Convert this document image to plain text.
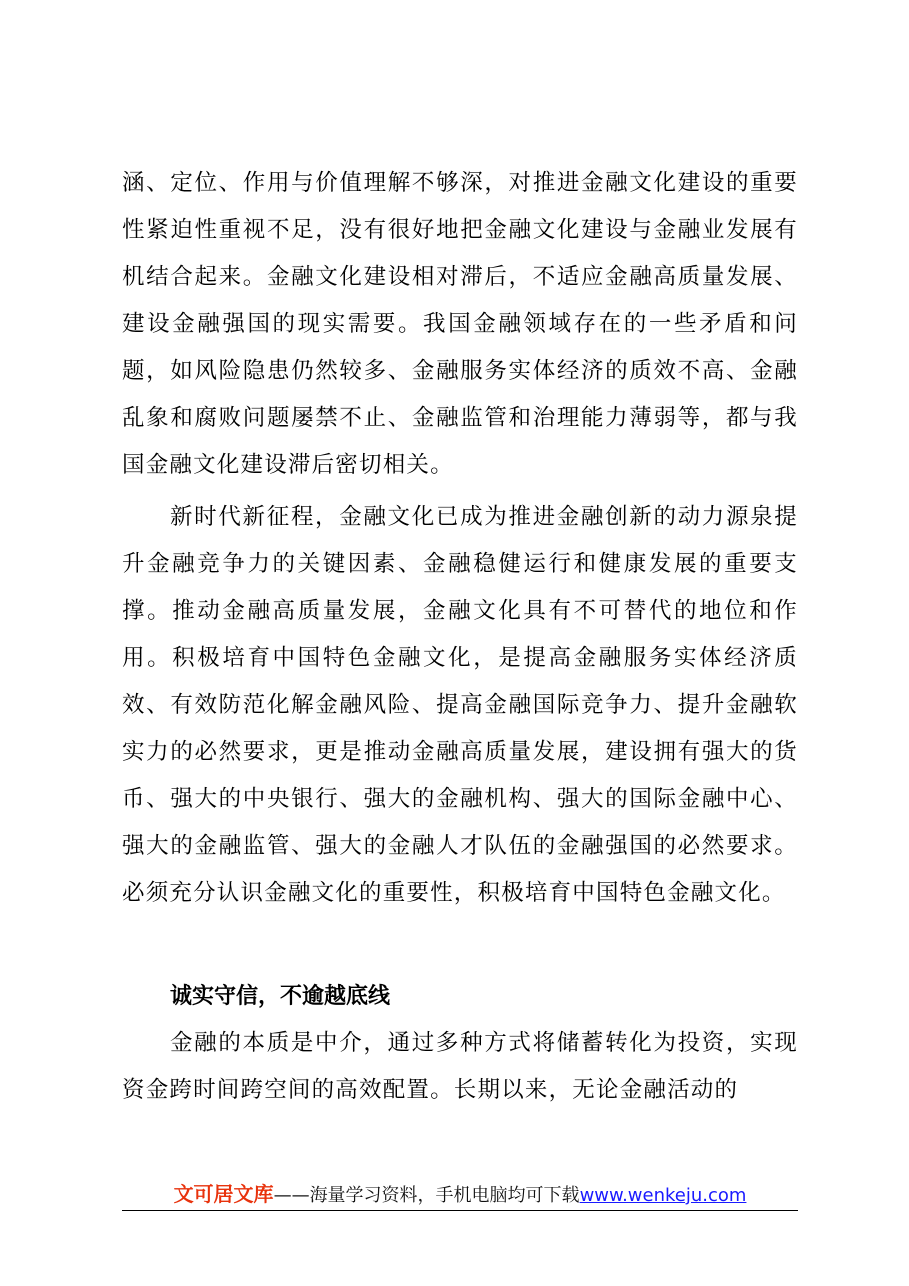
涵、定位、作用与价值理解不够深，对推进金融文化建设的重要性紧迫性重视不足，没有很好地把金融文化建设与金融业发展有机结合起来。金融文化建设相对滞后，不适应金融高质量发展、建设金融强国的现实需要。我国金融领域存在的一些矛盾和问题，如风险隐患仍然较多、金融服务实体经济的质效不高、金融乱象和腐败问题屡禁不止、金融监管和治理能力薄弱等，都与我国金融文化建设滞后密切相关。

新时代新征程，金融文化已成为推进金融创新的动力源泉提升金融竞争力的关键因素、金融稳健运行和健康发展的重要支撑。推动金融高质量发展，金融文化具有不可替代的地位和作用。积极培育中国特色金融文化，是提高金融服务实体经济质效、有效防范化解金融风险、提高金融国际竞争力、提升金融软实力的必然要求，更是推动金融高质量发展，建设拥有强大的货币、强大的中央银行、强大的金融机构、强大的国际金融中心、强大的金融监管、强大的金融人才队伍的金融强国的必然要求。必须充分认识金融文化的重要性，积极培育中国特色金融文化。

诚实守信，不逾越底线

金融的本质是中介，通过多种方式将储蓄转化为投资，实现资金跨时间跨空间的高效配置。长期以来，无论金融活动的

文可居文库——海量学习资料，手机电脑均可下载www.wenkeju.com
